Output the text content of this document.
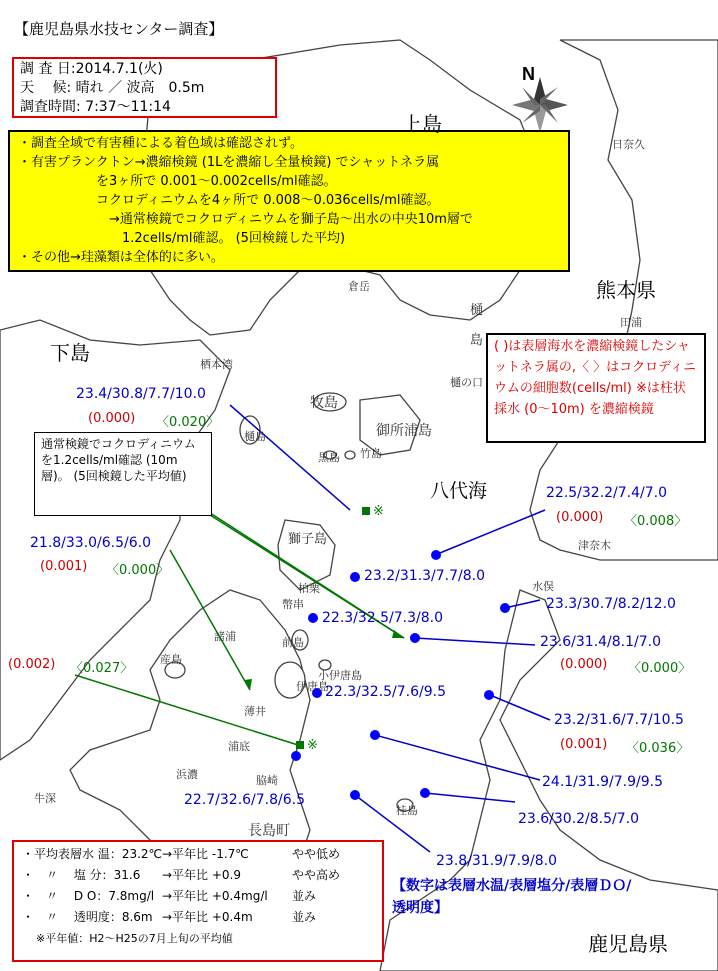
N
【鹿児島県水技センター調査】
調 査 日:2014.7.1(火)
天　 候: 晴れ ／ 波高　0.5m
調査時間: 7:37～11:14
・調査全域で有害種による着色域は確認されず。
・有害プランクトン→濃縮検鏡 (1Lを濃縮し全量検鏡) でシャットネラ属
　　　　　　を3ヶ所で 0.001～0.002cells/ml確認。
　　　　　　コクロディニウムを4ヶ所で 0.008～0.036cells/ml確認。
　　　　　　　→通常検鏡でコクロディニウムを獅子島～出水の中央10m層で
　　　　　　　　1.2cells/ml確認。 (5回検鏡した平均)
・その他→珪藻類は全体的に多い。
上島
下島
熊本県
鹿児島県
八代海
日奈久
倉岳
樋
島
田浦
栖本湾
樋の口
牧島
御所浦島
樋島
黒島 竹島
獅子島	津奈木
水俣
柏栗
幣串
前島
小伊唐島
伊唐島
諸浦
産島
薄井
浦底
浜濃	脇崎
牛深
長島町
桂島
23.4/30.8/7.7/10.0
(0.000) 〈0.020〉
22.5/32.2/7.4/7.0
(0.000) 〈0.008〉
21.8/33.0/6.5/6.0
(0.001) 〈0.000〉	23.2/31.3/7.7/8.0
23.3/30.7/8.2/12.0
22.3/32.5/7.3/8.0
23.6/31.4/8.1/7.0
(0.000) 〈0.000〉
(0.002) 〈0.027〉
22.3/32.5/7.6/9.5
23.2/31.6/7.7/10.5
(0.001) 〈0.036〉
24.1/31.9/7.9/9.5
22.7/32.6/7.8/6.5
23.6/30.2/8.5/7.0
23.8/31.9/7.9/8.0
※
※
( )は表層海水を濃縮検鏡したシャットネラ属の,〈 〉はコクロディニウムの細胞数(cells/ml) ※は柱状採水 (0～10m) を濃縮検鏡
通常検鏡でコクロディニウムを1.2cells/ml確認 (10m層)。 (5回検鏡した平均値)
・平均表層水 温：23.2℃ →平年比 -1.7℃	やや低め
・　〃　 塩 分：31.6	→平年比 +0.9	やや高め
・　〃　 D O：7.8mg/l →平年比 +0.4mg/l	並み
・　〃　 透明度：8.6m →平年比 +0.4m	並み
※平年値：H2～H25の7月上旬の平均値
【数字は表層水温/表層塩分/表層ＤＯ/透明度】
